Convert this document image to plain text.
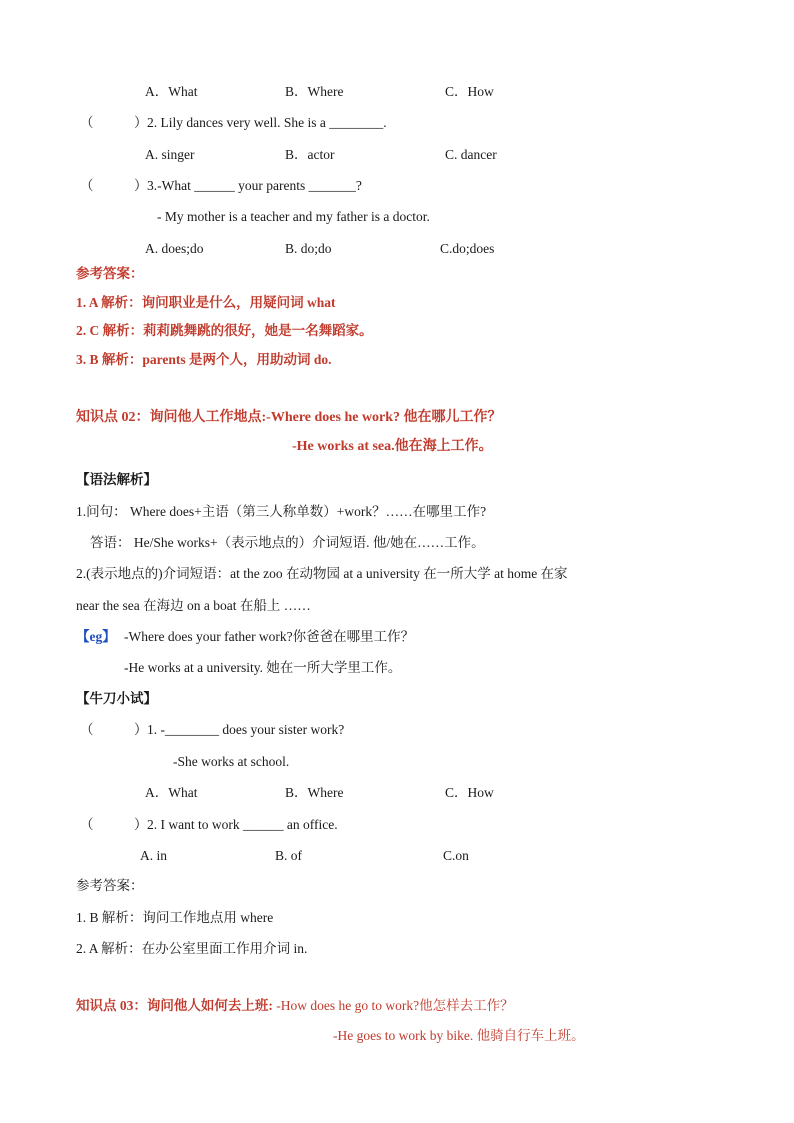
A．What	B．Where	C．How
（　　　） 2. Lily dances very well. She is a ________.
A. singer	B．actor	C. dancer
（　　　） 3.-What ______ your parents _______?
- My mother is a teacher and my father is a doctor.
A. does;do	B. do;do	C.do;does
参考答案：
1. A 解析：询问职业是什么，用疑问词 what
2. C 解析：莉莉跳舞跳的很好，她是一名舞蹈家。
3. B 解析：parents 是两个人，用助动词 do.
知识点 02：询问他人工作地点:-Where does he work? 他在哪儿工作？
-He works at sea.他在海上工作。
【语法解析】
1.问句： Where does+主语（第三人称单数）+work？……在哪里工作?
答语： He/She works+（表示地点的）介词短语. 他/她在……工作。
2.(表示地点的)介词短语：at the zoo 在动物园 at a university 在一所大学 at home 在家
near the sea 在海边 on a boat 在船上 ……
【eg】 -Where does your father work?你爸爸在哪里工作？
-He works at a university. 她在一所大学里工作。
【牛刀小试】
（　　　） 1. -________ does your sister work?
-She works at school.
A．What	B．Where	C．How
（　　　） 2. I want to work ______ an office.
A. in	B. of	C.on
参考答案：
1. B 解析：询问工作地点用 where
2. A 解析：在办公室里面工作用介词 in.
知识点 03：询问他人如何去上班: -How does he go to work?他怎样去工作？
-He goes to work by bike. 他骑自行车上班。
